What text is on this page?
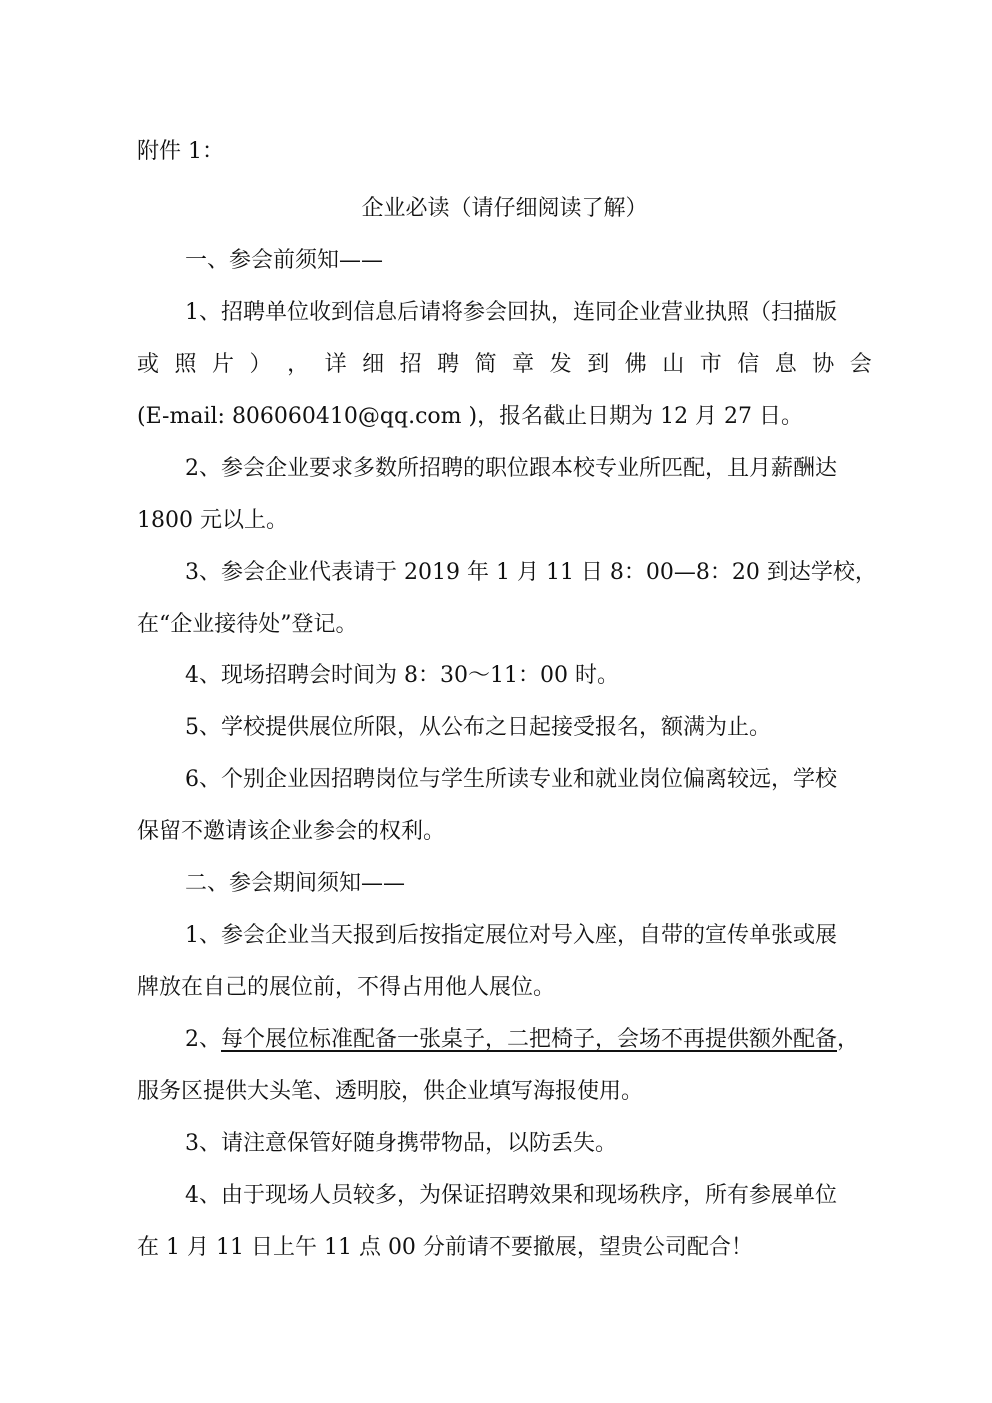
附件 1：
企业必读（请仔细阅读了解）
一、参会前须知——
1、招聘单位收到信息后请将参会回执，连同企业营业执照（扫描版
或 照 片 ） ， 详 细 招 聘 简 章 发 到 佛 山 市 信 息 协 会
(E-mail: 806060410@qq.com )，报名截止日期为 12 月 27 日。
2、参会企业要求多数所招聘的职位跟本校专业所匹配，且月薪酬达
1800 元以上。
3、参会企业代表请于 2019 年 1 月 11 日 8：00—8：20 到达学校，
在“企业接待处”登记。
4、现场招聘会时间为 8：30～11：00 时。
5、学校提供展位所限，从公布之日起接受报名，额满为止。
6、个别企业因招聘岗位与学生所读专业和就业岗位偏离较远，学校
保留不邀请该企业参会的权利。
二、参会期间须知——
1、参会企业当天报到后按指定展位对号入座，自带的宣传单张或展
牌放在自己的展位前，不得占用他人展位。
2、每个展位标准配备一张桌子，二把椅子，会场不再提供额外配备，
服务区提供大头笔、透明胶，供企业填写海报使用。
3、请注意保管好随身携带物品，以防丢失。
4、由于现场人员较多，为保证招聘效果和现场秩序，所有参展单位
在 1 月 11 日上午 11 点 00 分前请不要撤展，望贵公司配合！
